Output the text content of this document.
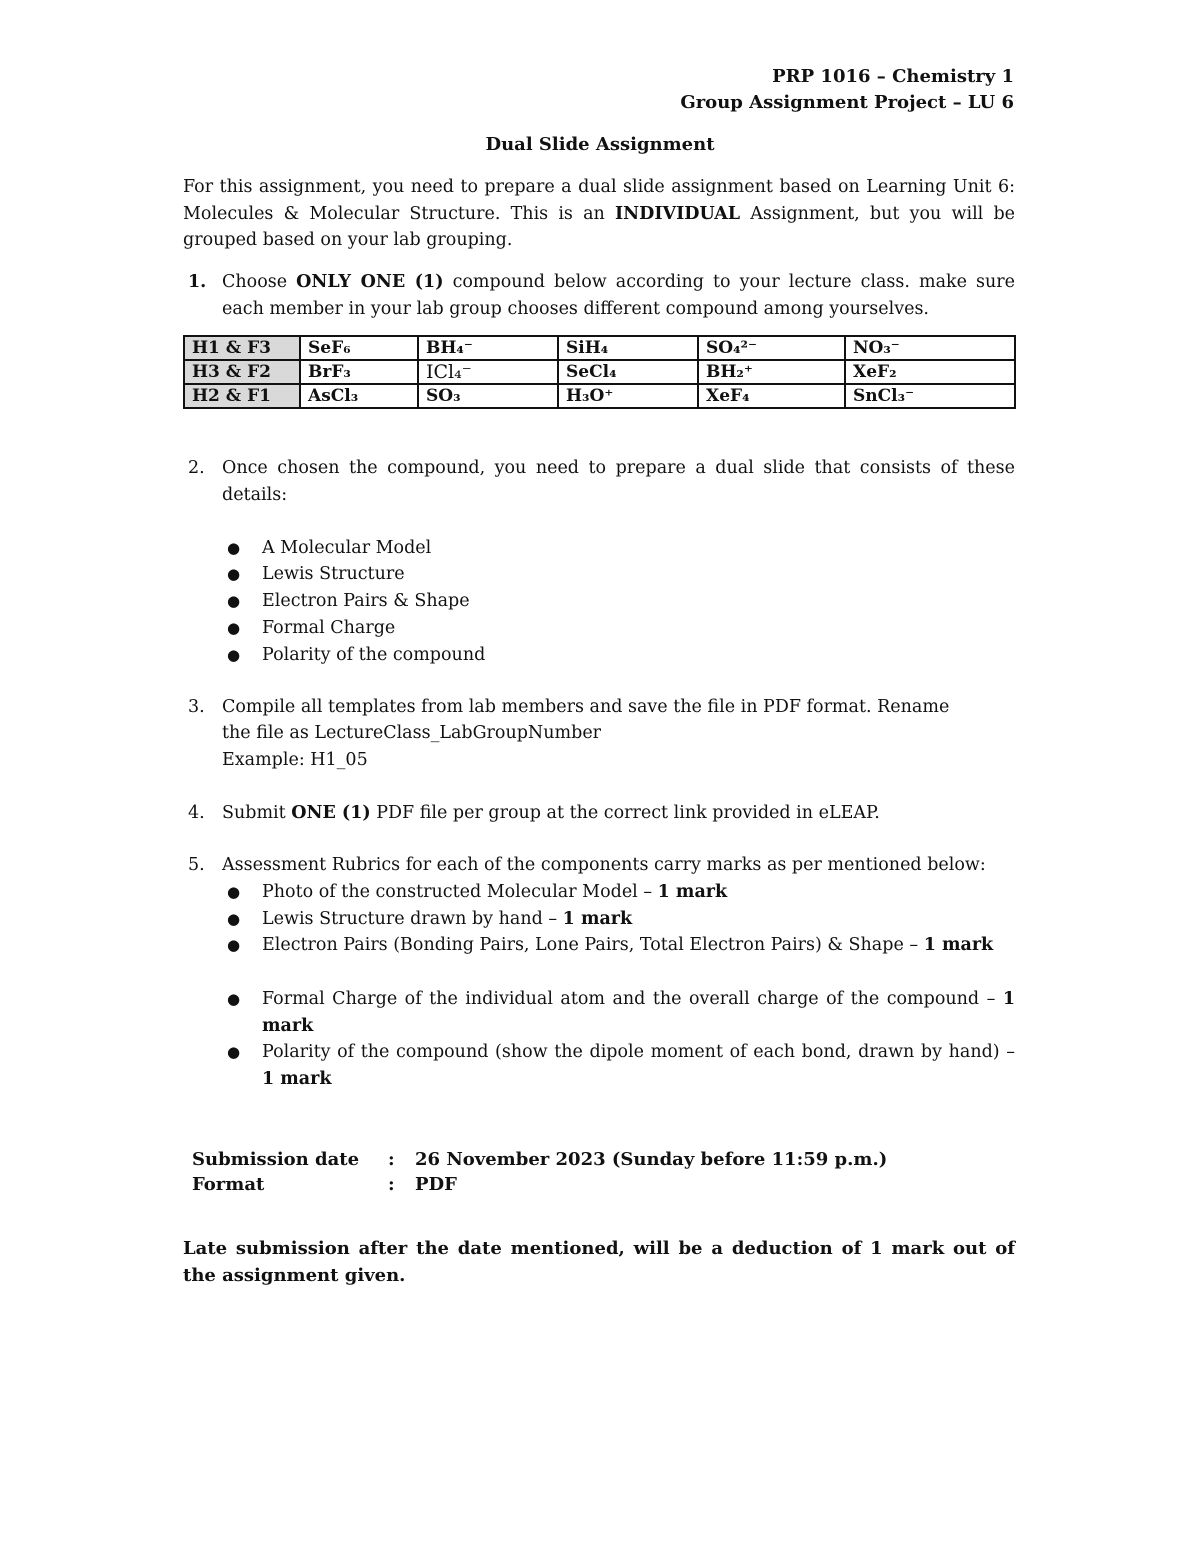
PRP 1016 – Chemistry 1
Group Assignment Project – LU 6
Dual Slide Assignment
For this assignment, you need to prepare a dual slide assignment based on Learning Unit 6: Molecules & Molecular Structure. This is an INDIVIDUAL Assignment, but you will be grouped based on your lab grouping.
1. Choose ONLY ONE (1) compound below according to your lecture class. make sure each member in your lab group chooses different compound among yourselves.
H1 & F3	SeF₆	BH₄⁻	SiH₄	SO₄²⁻	NO₃⁻
H3 & F2	BrF₃	ICl₄⁻	SeCl₄	BH₂⁺	XeF₂
H2 & F1	AsCl₃	SO₃	H₃O⁺	XeF₄	SnCl₃⁻
2. Once chosen the compound, you need to prepare a dual slide that consists of these details:
● A Molecular Model
● Lewis Structure
● Electron Pairs & Shape
● Formal Charge
● Polarity of the compound
3. Compile all templates from lab members and save the file in PDF format. Rename
the file as LectureClass_LabGroupNumber
Example: H1_05
4. Submit ONE (1) PDF file per group at the correct link provided in eLEAP.
5. Assessment Rubrics for each of the components carry marks as per mentioned below:
● Photo of the constructed Molecular Model – 1 mark
● Lewis Structure drawn by hand – 1 mark
● Electron Pairs (Bonding Pairs, Lone Pairs, Total Electron Pairs) & Shape – 1 mark
● Formal Charge of the individual atom and the overall charge of the compound – 1 mark
● Polarity of the compound (show the dipole moment of each bond, drawn by hand) – 1 mark
Submission date : 26 November 2023 (Sunday before 11:59 p.m.)
Format	: PDF
Late submission after the date mentioned, will be a deduction of 1 mark out of the assignment given.
